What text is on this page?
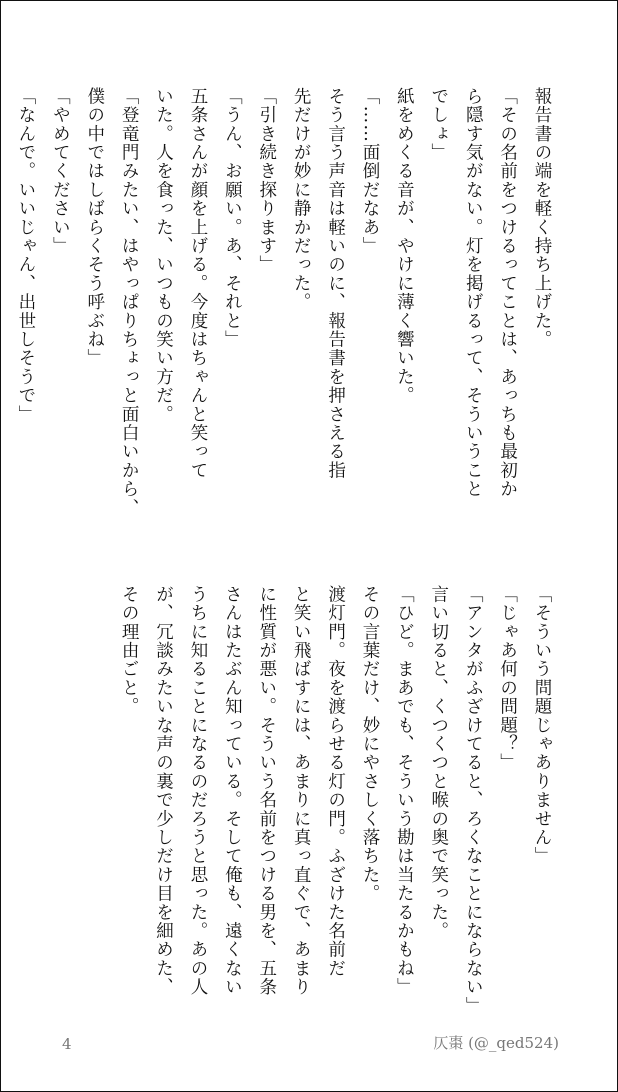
報告書の端を軽く持ち上げた。
「その名前をつけるってことは、あっちも最初か
ら隠す気がない。灯を掲げるって、そういうこと
でしょ」
紙をめくる音が、やけに薄く響いた。
「……面倒だなあ」
そう言う声音は軽いのに、報告書を押さえる指
先だけが妙に静かだった。
「引き続き探ります」
「うん、お願い。あ、それと」
五条さんが顔を上げる。今度はちゃんと笑って
いた。人を食った、いつもの笑い方だ。
「登竜門みたい、はやっぱりちょっと面白いから、
僕の中ではしばらくそう呼ぶね」
「やめてください」
「なんで。いいじゃん、出世しそうで」
「そういう問題じゃありません」
「じゃあ何の問題？」
「アンタがふざけてると、ろくなことにならない」
言い切ると、くつくつと喉の奥で笑った。
「ひど。まあでも、そういう勘は当たるかもね」
その言葉だけ、妙にやさしく落ちた。
渡灯門。夜を渡らせる灯の門。ふざけた名前だ
と笑い飛ばすには、あまりに真っ直ぐで、あまり
に性質が悪い。そういう名前をつける男を、五条
さんはたぶん知っている。そして俺も、遠くない
うちに知ることになるのだろうと思った。あの人
が、冗談みたいな声の裏で少しだけ目を細めた、
その理由ごと。
4	仄棗 (@_qed524)
